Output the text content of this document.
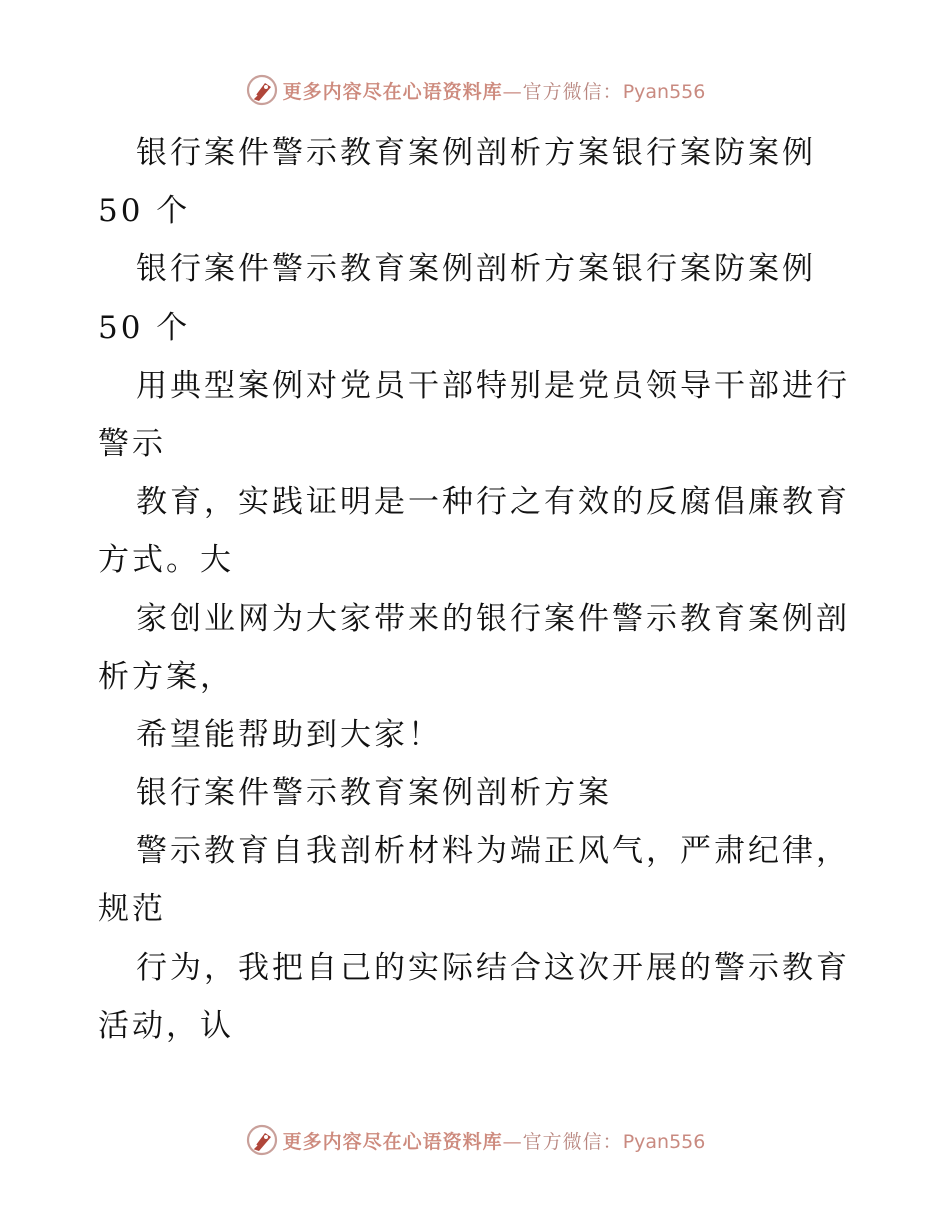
更多内容尽在心语资料库—官方微信：Pyan556
银行案件警示教育案例剖析方案银行案防案例
50 个
银行案件警示教育案例剖析方案银行案防案例
50 个
用典型案例对党员干部特别是党员领导干部进行
警示
教育，实践证明是一种行之有效的反腐倡廉教育
方式。大
家创业网为大家带来的银行案件警示教育案例剖
析方案，
希望能帮助到大家！
银行案件警示教育案例剖析方案
警示教育自我剖析材料为端正风气，严肃纪律，
规范
行为，我把自己的实际结合这次开展的警示教育
活动，认
更多内容尽在心语资料库—官方微信：Pyan556
